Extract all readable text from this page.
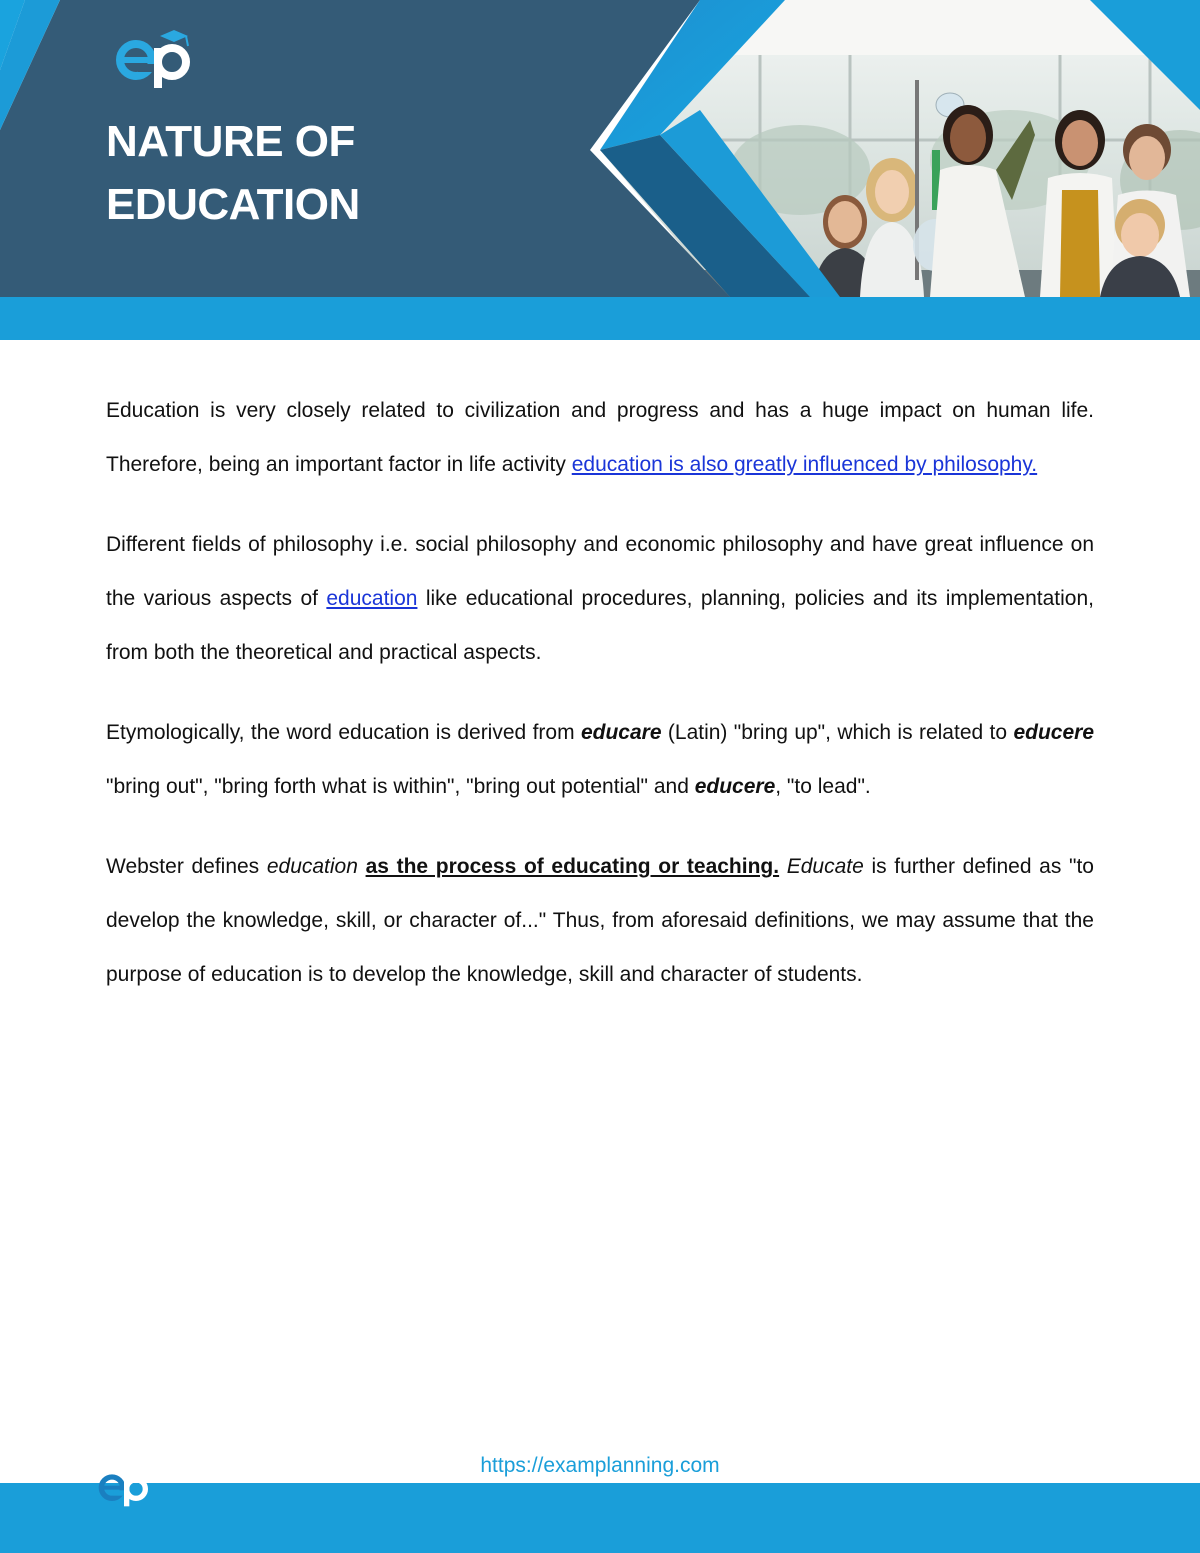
NATURE OF
EDUCATION

Education is very closely related to civilization and progress and has a huge impact on human life. Therefore, being an important factor in life activity education is also greatly influenced by philosophy.

Different fields of philosophy i.e. social philosophy and economic philosophy and have great influence on the various aspects of education like educational procedures, planning, policies and its implementation, from both the theoretical and practical aspects.

Etymologically, the word education is derived from educare (Latin) "bring up", which is related to educere "bring out", "bring forth what is within", "bring out potential" and educere, "to lead".

Webster defines education as the process of educating or teaching. Educate is further defined as "to develop the knowledge, skill, or character of..." Thus, from aforesaid definitions, we may assume that the purpose of education is to develop the knowledge, skill and character of students.

https://examplanning.com
